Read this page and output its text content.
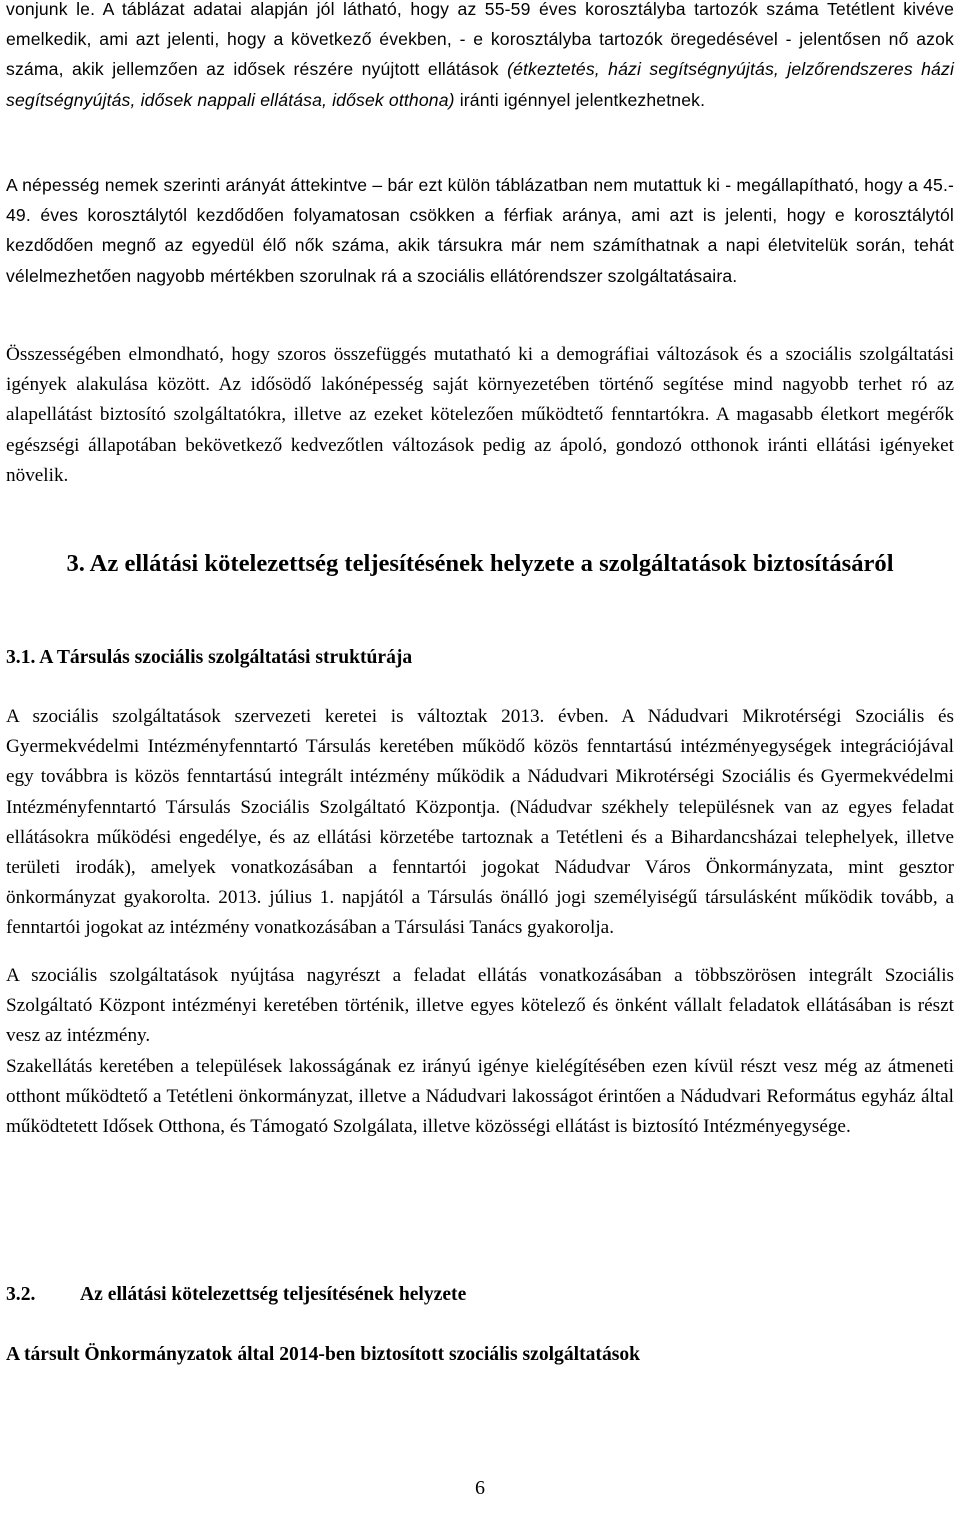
vonjunk le. A táblázat adatai alapján jól látható, hogy az 55-59 éves korosztályba tartozók száma Tetétlent kivéve emelkedik, ami azt jelenti, hogy a következő években, - e korosztályba tartozók öregedésével - jelentősen nő azok száma, akik jellemzően az idősek részére nyújtott ellátások (étkeztetés, házi segítségnyújtás, jelzőrendszeres házi segítségnyújtás, idősek nappali ellátása, idősek otthona) iránti igénnyel jelentkezhetnek.

A népesség nemek szerinti arányát áttekintve – bár ezt külön táblázatban nem mutattuk ki - megállapítható, hogy a 45.- 49. éves korosztálytól kezdődően folyamatosan csökken a férfiak aránya, ami azt is jelenti, hogy e korosztálytól kezdődően megnő az egyedül élő nők száma, akik társukra már nem számíthatnak a napi életvitelük során, tehát vélelmezhetően nagyobb mértékben szorulnak rá a szociális ellátórendszer szolgáltatásaira.

Összességében elmondható, hogy szoros összefüggés mutatható ki a demográfiai változások és a szociális szolgáltatási igények alakulása között. Az idősödő lakónépesség saját környezetében történő segítése mind nagyobb terhet ró az alapellátást biztosító szolgáltatókra, illetve az ezeket kötelezően működtető fenntartókra. A magasabb életkort megérők egészségi állapotában bekövetkező kedvezőtlen változások pedig az ápoló, gondozó otthonok iránti ellátási igényeket növelik.

3. Az ellátási kötelezettség teljesítésének helyzete a szolgáltatások biztosításáról
3.1. A Társulás szociális szolgáltatási struktúrája

A szociális szolgáltatások szervezeti keretei is változtak 2013. évben. A Nádudvari Mikrotérségi Szociális és Gyermekvédelmi Intézményfenntartó Társulás keretében működő közös fenntartású intézményegységek integrációjával egy továbbra is közös fenntartású integrált intézmény működik a Nádudvari Mikrotérségi Szociális és Gyermekvédelmi Intézményfenntartó Társulás Szociális Szolgáltató Központja. (Nádudvar székhely településnek van az egyes feladat ellátásokra működési engedélye, és az ellátási körzetébe tartoznak a Tetétleni és a Bihardancsházai telephelyek, illetve területi irodák), amelyek vonatkozásában a fenntartói jogokat Nádudvar Város Önkormányzata, mint gesztor önkormányzat gyakorolta. 2013. július 1. napjától a Társulás önálló jogi személyiségű társulásként működik tovább, a fenntartói jogokat az intézmény vonatkozásában a Társulási Tanács gyakorolja.

A szociális szolgáltatások nyújtása nagyrészt a feladat ellátás vonatkozásában a többszörösen integrált Szociális Szolgáltató Központ intézményi keretében történik, illetve egyes kötelező és önként vállalt feladatok ellátásában is részt vesz az intézmény.

Szakellátás keretében a települések lakosságának ez irányú igénye kielégítésében ezen kívül részt vesz még az átmeneti otthont működtető a Tetétleni önkormányzat, illetve a Nádudvari lakosságot érintően a Nádudvari Református egyház által működtetett Idősek Otthona, és Támogató Szolgálata, illetve közösségi ellátást is biztosító Intézményegysége.

3.2. Az ellátási kötelezettség teljesítésének helyzete

A társult Önkormányzatok által 2014-ben biztosított szociális szolgáltatások

6
